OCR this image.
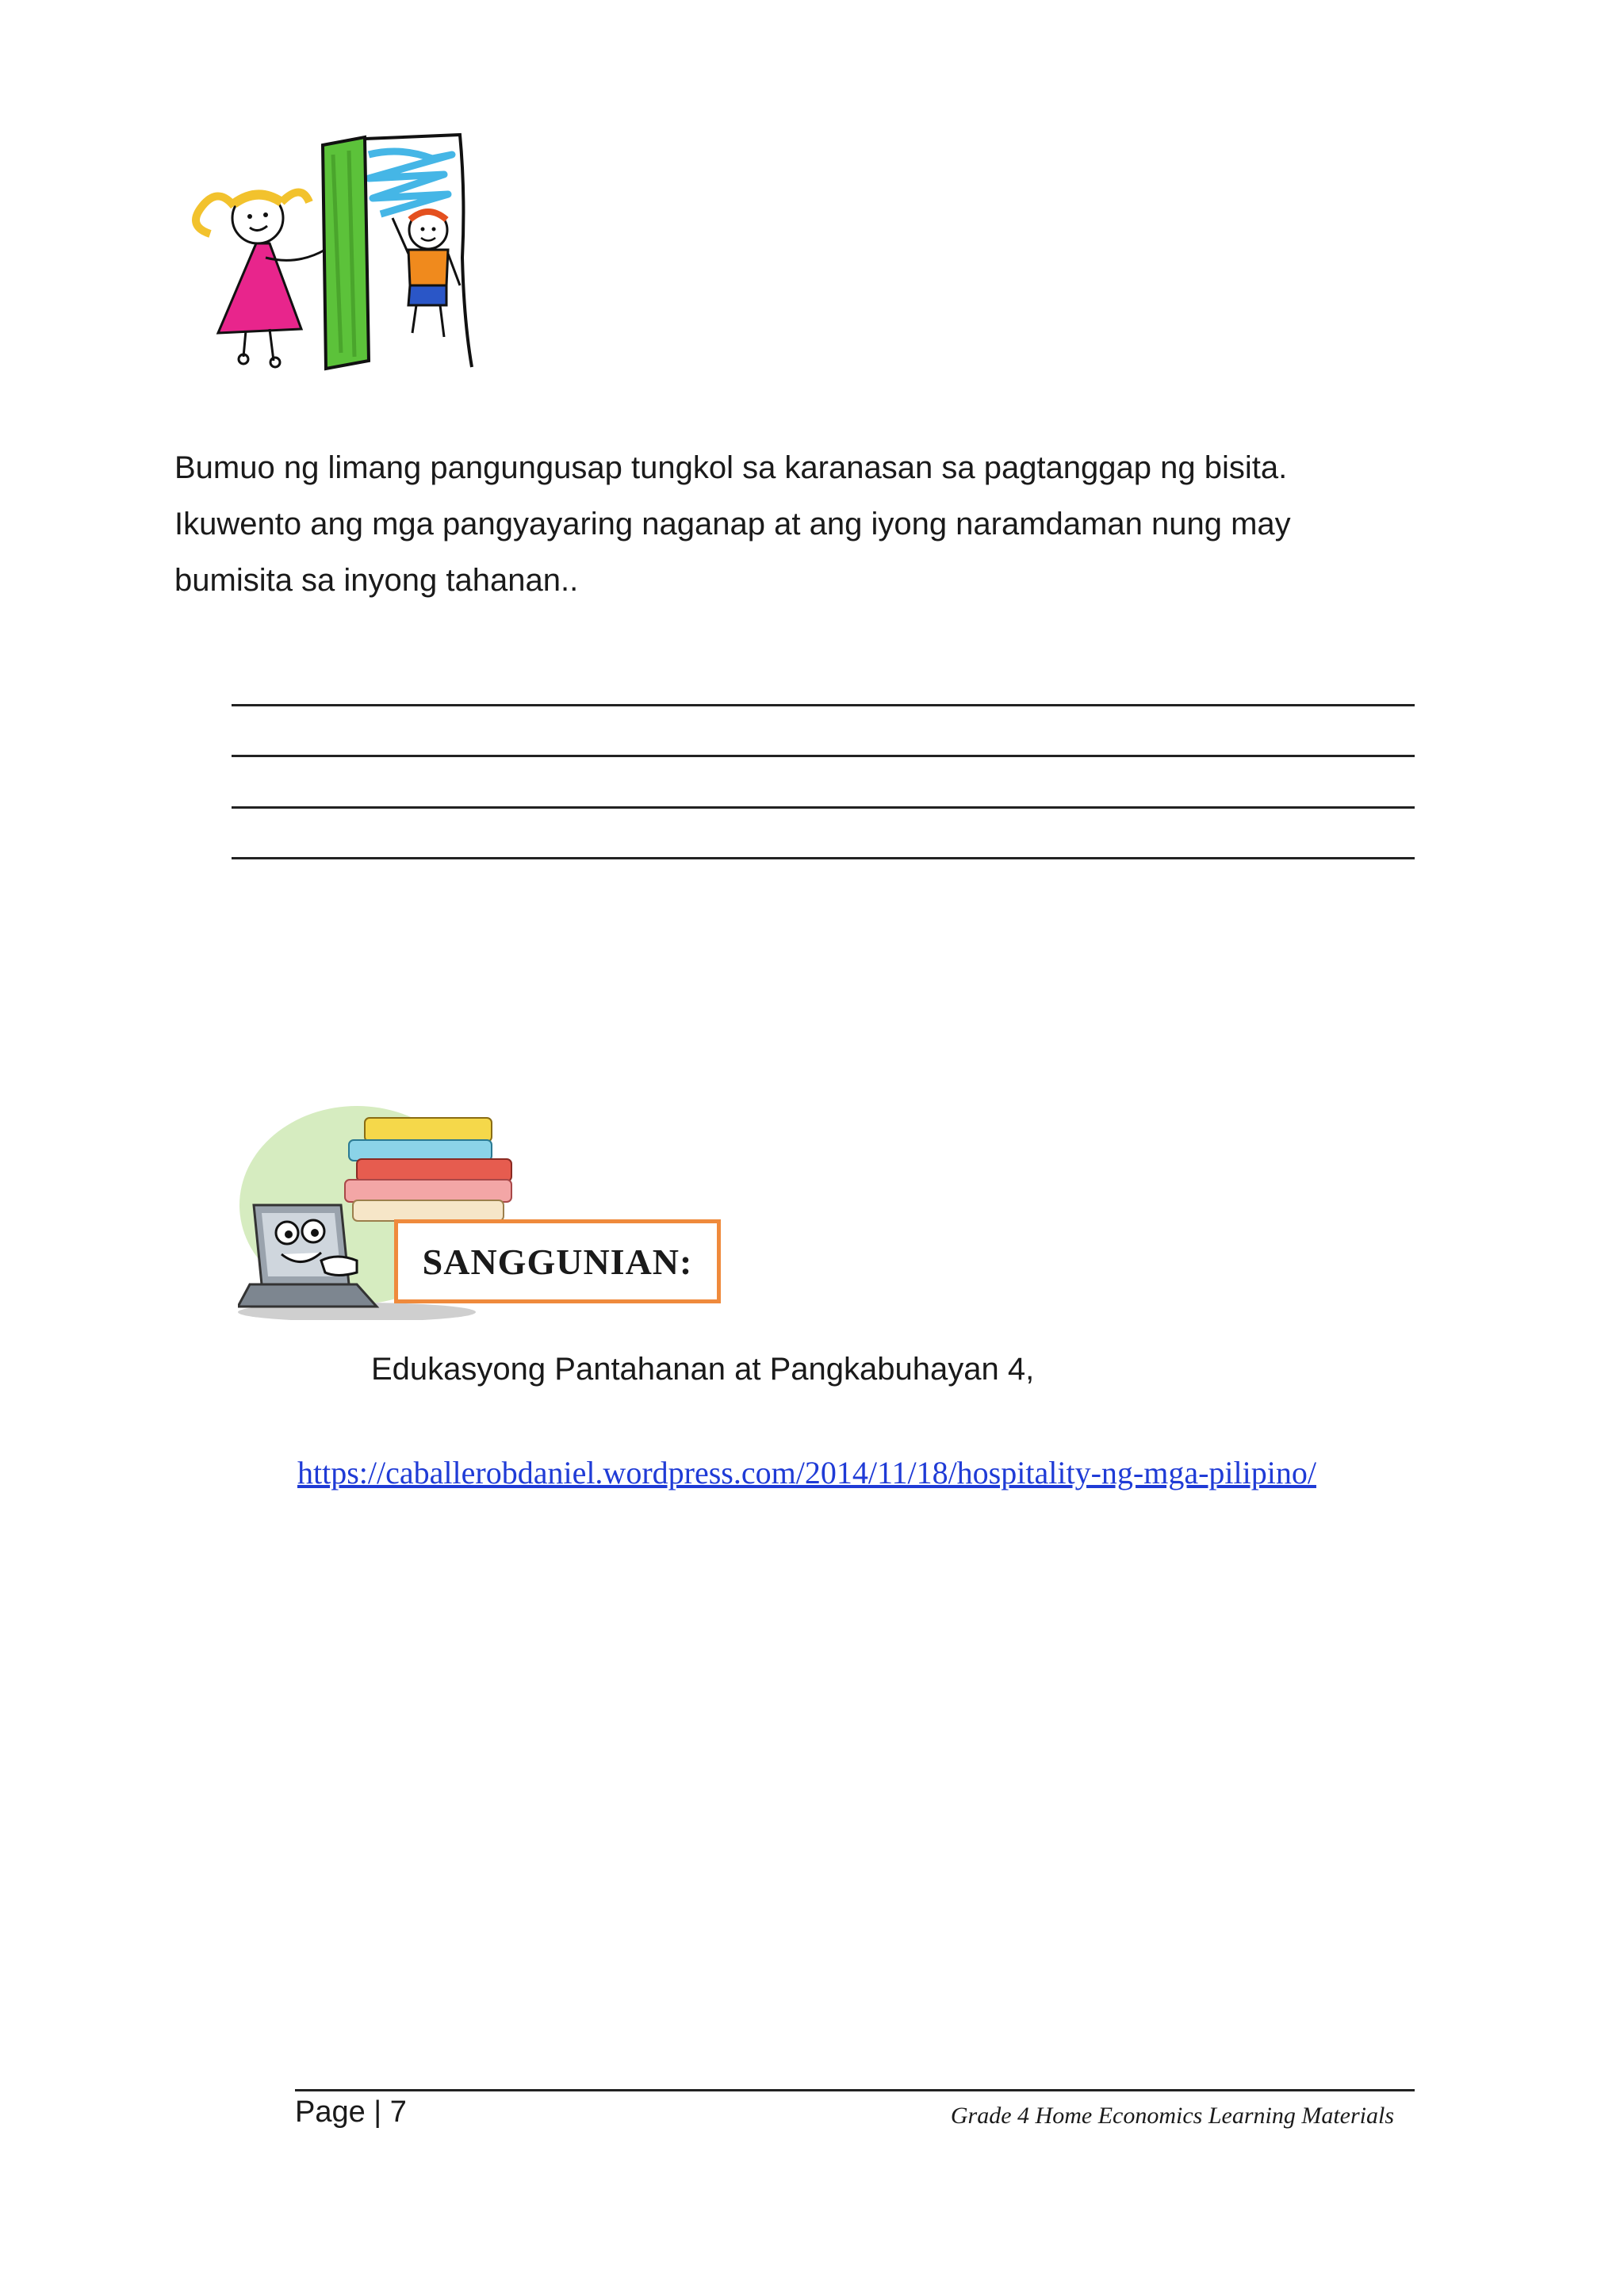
Bumuo ng limang pangungusap tungkol sa karanasan sa pagtanggap ng bisita.

Ikuwento ang mga pangyayaring naganap at ang iyong naramdaman nung may

bumisita sa inyong tahanan..

SANGGUNIAN:
Edukasyong Pantahanan at Pangkabuhayan 4,
https://caballerobdaniel.wordpress.com/2014/11/18/hospitality-ng-mga-pilipino/
Page | 7	Grade 4 Home Economics Learning Materials
